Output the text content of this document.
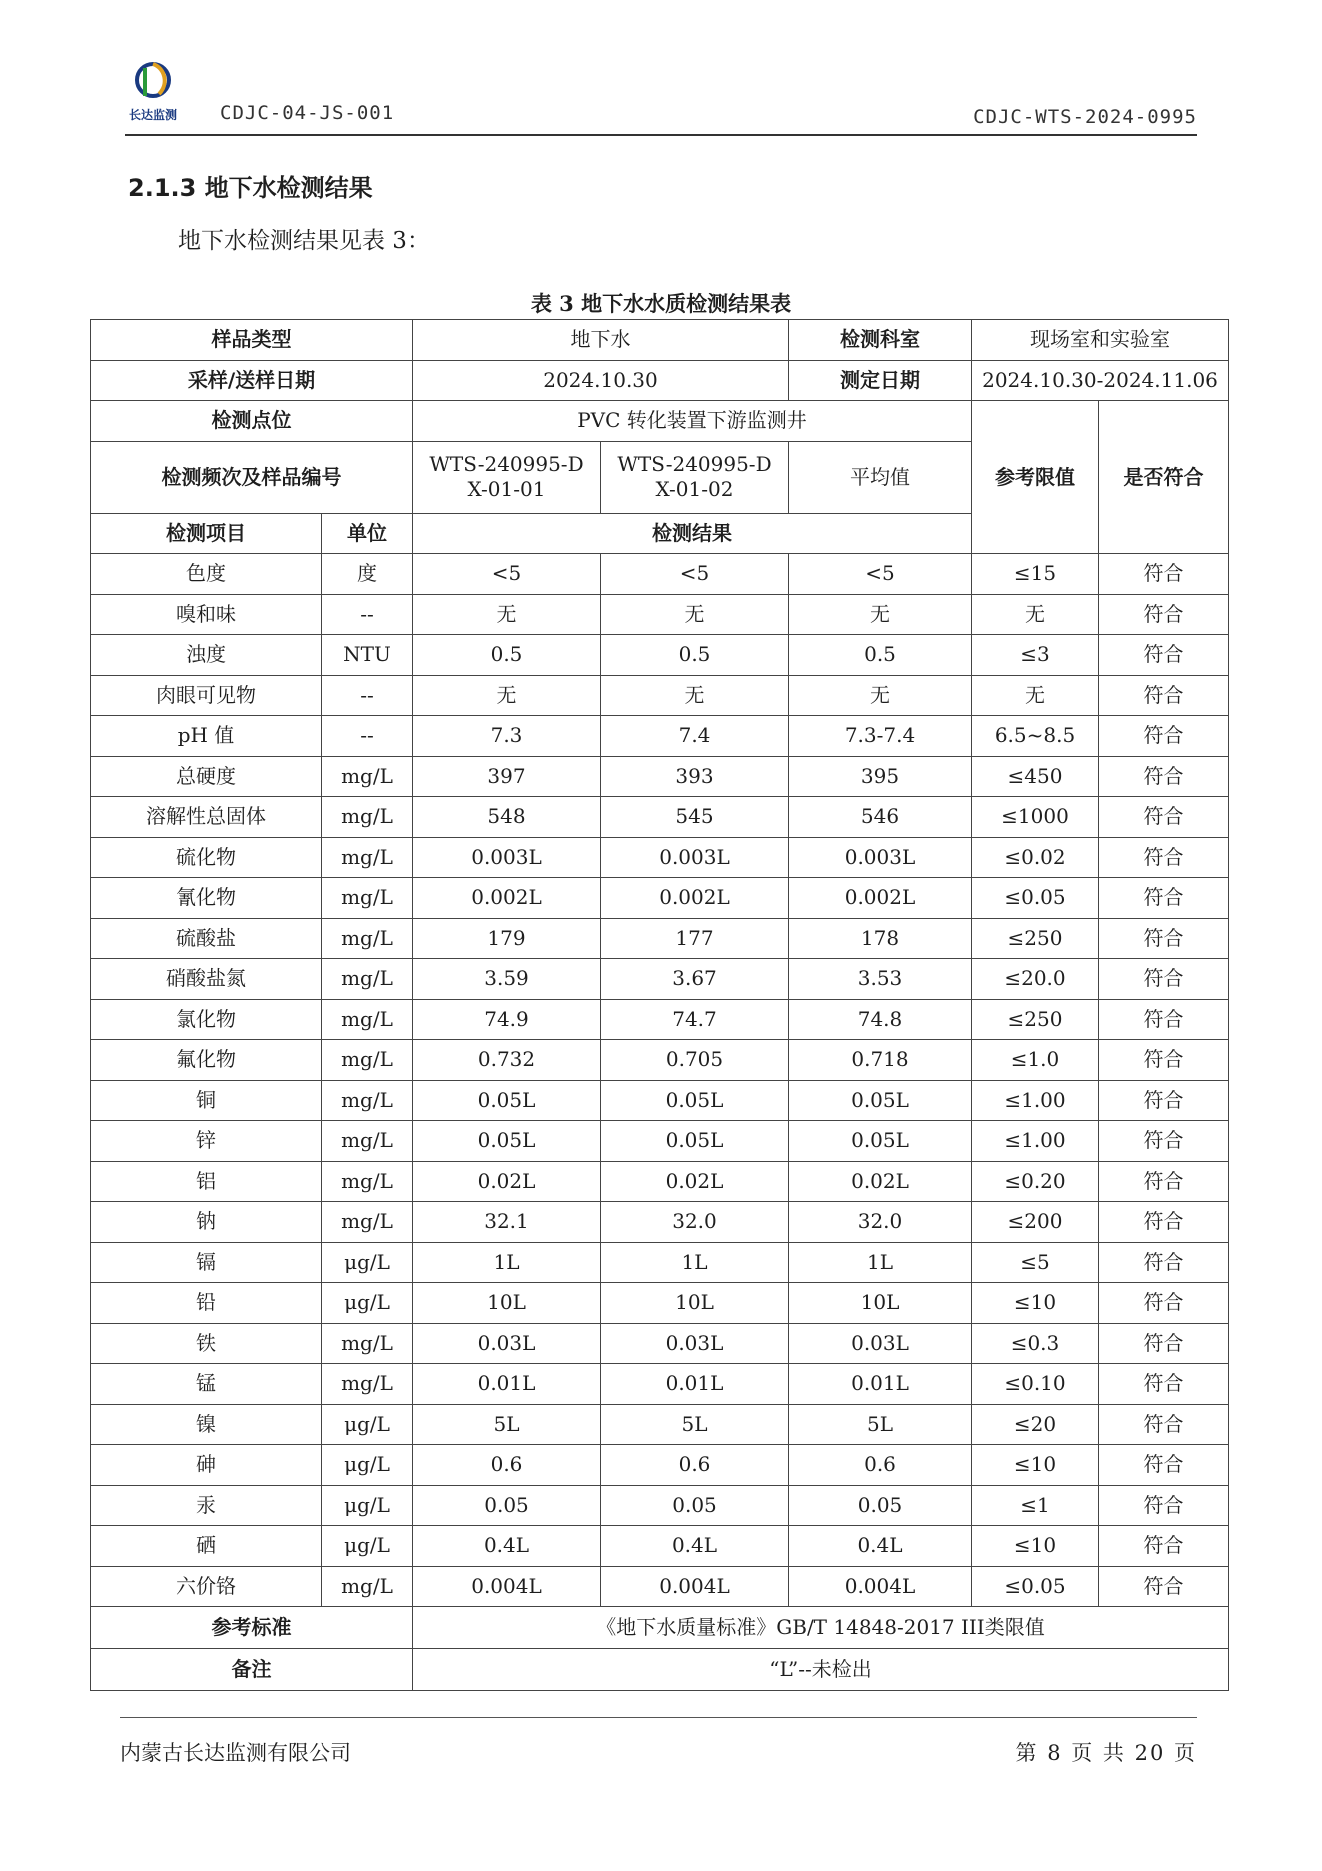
长达监测 CDJC-04-JS-001	CDJC-WTS-2024-0995
2.1.3 地下水检测结果
地下水检测结果见表 3：
表 3 地下水水质检测结果表
样品类型		地下水		检测科室	现场室和实验室	
采样/送样日期		2024.10.30		测定日期	2024.10.30-2024.11.06	
检测点位		PVC 转化装置下游监测井			参考限值	是否符合
检测频次及样品编号		WTS-240995-D X-01-01	WTS-240995-D X-01-02	平均值		
检测项目	单位	检测结果				
色度	度	<5	<5	<5	≤15	符合
嗅和味	--	无	无	无	无	符合
浊度	NTU	0.5	0.5	0.5	≤3	符合
肉眼可见物	--	无	无	无	无	符合
pH 值	--	7.3	7.4	7.3-7.4	6.5~8.5	符合
总硬度	mg/L	397	393	395	≤450	符合
溶解性总固体	mg/L	548	545	546	≤1000	符合
硫化物	mg/L	0.003L	0.003L	0.003L	≤0.02	符合
氰化物	mg/L	0.002L	0.002L	0.002L	≤0.05	符合
硫酸盐	mg/L	179	177	178	≤250	符合
硝酸盐氮	mg/L	3.59	3.67	3.53	≤20.0	符合
氯化物	mg/L	74.9	74.7	74.8	≤250	符合
氟化物	mg/L	0.732	0.705	0.718	≤1.0	符合
铜	mg/L	0.05L	0.05L	0.05L	≤1.00	符合
锌	mg/L	0.05L	0.05L	0.05L	≤1.00	符合
铝	mg/L	0.02L	0.02L	0.02L	≤0.20	符合
钠	mg/L	32.1	32.0	32.0	≤200	符合
镉	μg/L	1L	1L	1L	≤5	符合
铅	μg/L	10L	10L	10L	≤10	符合
铁	mg/L	0.03L	0.03L	0.03L	≤0.3	符合
锰	mg/L	0.01L	0.01L	0.01L	≤0.10	符合
镍	μg/L	5L	5L	5L	≤20	符合
砷	μg/L	0.6	0.6	0.6	≤10	符合
汞	μg/L	0.05	0.05	0.05	≤1	符合
硒	μg/L	0.4L	0.4L	0.4L	≤10	符合
六价铬	mg/L	0.004L	0.004L	0.004L	≤0.05	符合
参考标准		《地下水质量标准》GB/T 14848-2017 III类限值				
备注		“L”--未检出				
内蒙古长达监测有限公司	第 8 页 共 20 页
